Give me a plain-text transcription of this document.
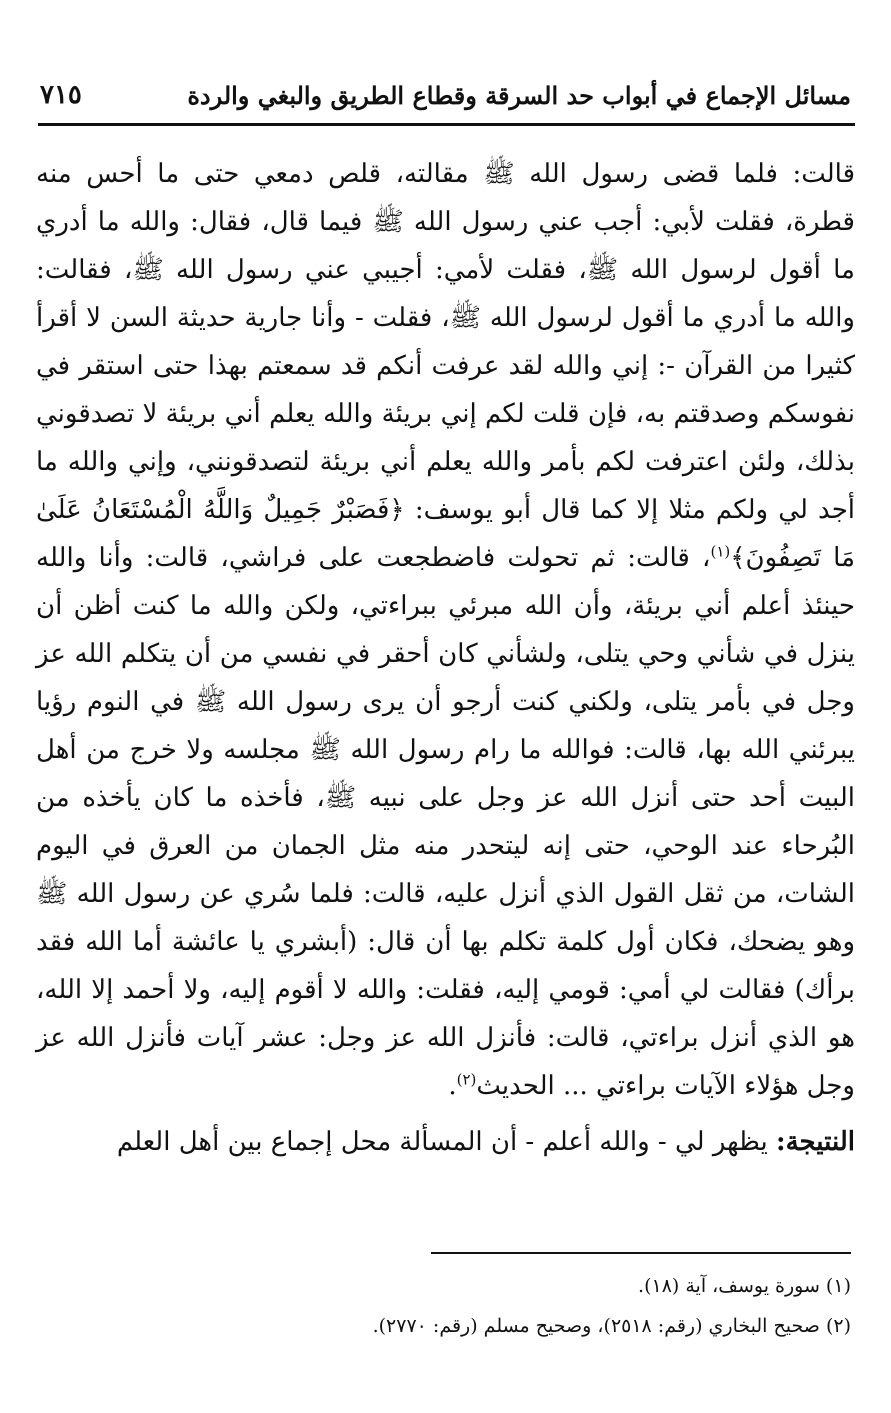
مسائل الإجماع في أبواب حد السرقة وقطاع الطريق والبغي والردة
٧١٥

قالت: فلما قضى رسول الله ﷺ مقالته، قلص دمعي حتى ما أحس منه قطرة، فقلت لأبي: أجب عني رسول الله ﷺ فيما قال، فقال: والله ما أدري ما أقول لرسول الله ﷺ، فقلت لأمي: أجيبي عني رسول الله ﷺ، فقالت: والله ما أدري ما أقول لرسول الله ﷺ، فقلت - وأنا جارية حديثة السن لا أقرأ كثيرا من القرآن -: إني والله لقد عرفت أنكم قد سمعتم بهذا حتى استقر في نفوسكم وصدقتم به، فإن قلت لكم إني بريئة والله يعلم أني بريئة لا تصدقوني بذلك، ولئن اعترفت لكم بأمر والله يعلم أني بريئة لتصدقونني، وإني والله ما أجد لي ولكم مثلا إلا كما قال أبو يوسف: ﴿فَصَبْرٌ جَمِيلٌ وَاللَّهُ الْمُسْتَعَانُ عَلَىٰ مَا تَصِفُونَ﴾$^{(١)}$، قالت: ثم تحولت فاضطجعت على فراشي، قالت: وأنا والله حينئذ أعلم أني بريئة، وأن الله مبرئي ببراءتي، ولكن والله ما كنت أظن أن ينزل في شأني وحي يتلى، ولشأني كان أحقر في نفسي من أن يتكلم الله عز وجل في بأمر يتلى، ولكني كنت أرجو أن يرى رسول الله ﷺ في النوم رؤيا يبرئني الله بها، قالت: فوالله ما رام رسول الله ﷺ مجلسه ولا خرج من أهل البيت أحد حتى أنزل الله عز وجل على نبيه ﷺ، فأخذه ما كان يأخذه من البُرحاء عند الوحي، حتى إنه ليتحدر منه مثل الجمان من العرق في اليوم الشات، من ثقل القول الذي أنزل عليه، قالت: فلما سُري عن رسول الله ﷺ وهو يضحك، فكان أول كلمة تكلم بها أن قال: (أبشري يا عائشة أما الله فقد برأك) فقالت لي أمي: قومي إليه، فقلت: والله لا أقوم إليه، ولا أحمد إلا الله، هو الذي أنزل براءتي، قالت: فأنزل الله عز وجل: عشر آيات فأنزل الله عز وجل هؤلاء الآيات براءتي ... الحديث$^{(٢)}$.

النتيجة: يظهر لي - والله أعلم - أن المسألة محل إجماع بين أهل العلم

(١) سورة يوسف، آية (١٨).
(٢) صحيح البخاري (رقم: ٢٥١٨)، وصحيح مسلم (رقم: ٢٧٧٠).
